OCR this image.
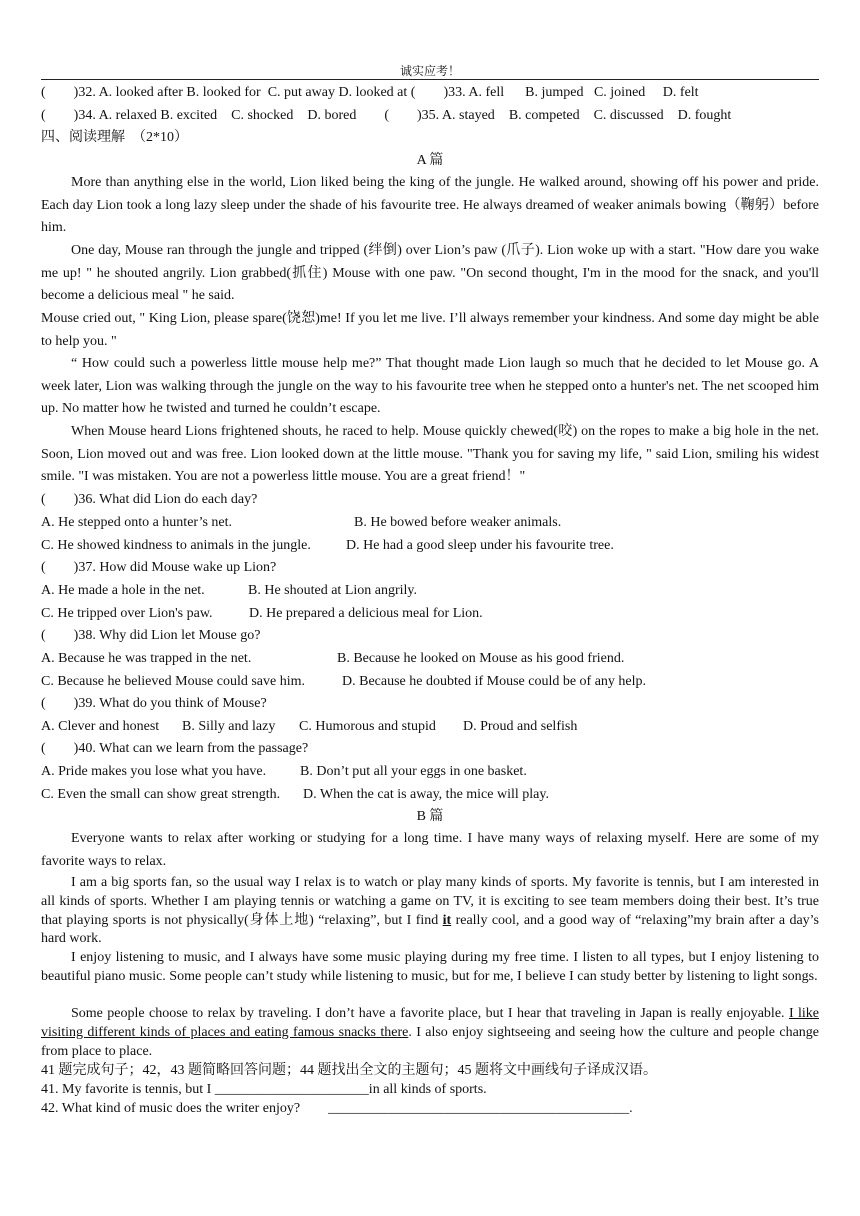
诚实应考！
(　　)32. A. looked after B. looked for C. put away D. looked at (　　)33. A. fell B. jumped C. joined D. felt
(　　)34. A. relaxed B. excited C. shocked D. bored (　　)35. A. stayed B. competed C. discussed D. fought
四、阅读理解　（2*10）
A 篇
More than anything else in the world, Lion liked being the king of the jungle. He walked around, showing off his power and pride. Each day Lion took a long lazy sleep under the shade of his favourite tree. He always dreamed of weaker animals bowing（鞠躬）before him.
One day, Mouse ran through the jungle and tripped (绊倒) over Lion’s paw (爪子). Lion woke up with a start. "How dare you wake me up! " he shouted angrily. Lion grabbed(抓住) Mouse with one paw. "On second thought, I'm in the mood for the snack, and you'll become a delicious meal " he said.
Mouse cried out, " King Lion, please spare(饶恕)me! If you let me live. I’ll always remember your kindness. And some day might be able to help you. "
“ How could such a powerless little mouse help me?” That thought made Lion laugh so much that he decided to let Mouse go. A week later, Lion was walking through the jungle on the way to his favourite tree when he stepped onto a hunter's net. The net scooped him up. No matter how he twisted and turned he couldn’t escape.
When Mouse heard Lions frightened shouts, he raced to help. Mouse quickly chewed(咬) on the ropes to make a big hole in the net. Soon, Lion moved out and was free. Lion looked down at the little mouse. "Thank you for saving my life, " said Lion, smiling his widest smile. "I was mistaken. You are not a powerless little mouse. You are a great friend！"
(　　)36. What did Lion do each day?
A. He stepped onto a hunter’s net.	B. He bowed before weaker animals.
C. He showed kindness to animals in the jungle.	D. He had a good sleep under his favourite tree.
(　　)37. How did Mouse wake up Lion?
A. He made a hole in the net.	B. He shouted at Lion angrily.
C. He tripped over Lion's paw.	D. He prepared a delicious meal for Lion.
(　　)38. Why did Lion let Mouse go?
A. Because he was trapped in the net.	B. Because he looked on Mouse as his good friend.
C. Because he believed Mouse could save him.	D. Because he doubted if Mouse could be of any help.
(　　)39. What do you think of Mouse?
A. Clever and honest B. Silly and lazy C. Humorous and stupid D. Proud and selfish
(　　)40. What can we learn from the passage?
A. Pride makes you lose what you have. B. Don’t put all your eggs in one basket.
C. Even the small can show great strength. D. When the cat is away, the mice will play.
B 篇
Everyone wants to relax after working or studying for a long time. I have many ways of relaxing myself. Here are some of my favorite ways to relax.
I am a big sports fan, so the usual way I relax is to watch or play many kinds of sports. My favorite is tennis, but I am interested in all kinds of sports. Whether I am playing tennis or watching a game on TV, it is exciting to see team members doing their best. It’s true that playing sports is not physically(身体上地) “relaxing”, but I find it really cool, and a good way of “relaxing”my brain after a day’s hard work.
I enjoy listening to music, and I always have some music playing during my free time. I listen to all types, but I enjoy listening to beautiful piano music. Some people can’t study while listening to music, but for me, I believe I can study better by listening to light songs.
Some people choose to relax by traveling. I don’t have a favorite place, but I hear that traveling in Japan is really enjoyable. I like visiting different kinds of places and eating famous snacks there. I also enjoy sightseeing and seeing how the culture and people change from place to place.
41 题完成句子；42，43 题简略回答问题；44 题找出全文的主题句；45 题将文中画线句子译成汉语。
41. My favorite is tennis, but I ______________________in all kinds of sports.
42. What kind of music does the writer enjoy?　　___________________________________________.
